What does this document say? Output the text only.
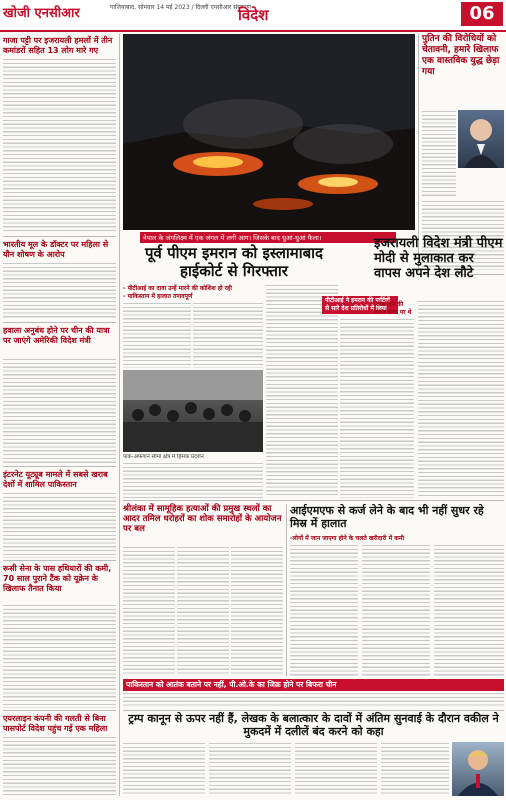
खोजी एनसीआर	गाजियाबाद, सोमवार 14 मई 2023 / दिल्ली एनसीआर संस्करण
विदेश	06
गाजा पट्टी पर इजरायली हमलों में तीन कमांडरों सहित 13 लोग मारे गए
भारतीय मूल के डॉक्टर पर महिला से यौन शोषण के आरोप
हवाला अनुबंध होने पर चीन की यात्रा पर जाएंगे अमेरिकी विदेश मंत्री
इंटरनेट यूट्यूब मामले में सबसे खराब देशों में शामिल पाकिस्तान
रूसी सेना के पास हथियारों की कमी, 70 साल पुराने टैंक को यूक्रेन के खिलाफ तैनात किया
एयरलाइन कंपनी की गलती से बिना पासपोर्ट विदेश पहुंच गई एक महिला
नेपाल के जंगलिक्ष्म में एक जंगल में लगी आग। जिसके बाद धुआं-धुआं फैला।
पुतिन की विरोधियों को चेतावनी, हमारे खिलाफ एक वास्तविक युद्ध छेड़ा गया
पूर्व पीएम इमरान को इस्लामाबाद हाईकोर्ट से गिरफ्तार
- पीटीआई का दावा उन्हें मारने की कोशिश हो रही
- पाकिस्तान में हालात तनावपूर्ण
पाक-अफगान सीमा क्षेत्र में हिंसक प्रदर्शन
पीटीआई ने इमरान की पार्टियों से सारे देश प्रतिरोधों में लिया
इजरायली विदेश मंत्री पीएम मोदी से मुलाकात कर वापस अपने देश लौटे
-तीन दिन की भारत यात्रा पर थे
श्रीलंका में सामूहिक हत्याओं की प्रमुख स्थलों का आदर तमिल धरोहरों का शोक समारोहों के आयोजन पर बल
आईएमएफ से कर्ज लेने के बाद भी नहीं सुधर रहे मिस्र में हालात
-लोगों में जान जाएगा होने के चलते खरीदारी में कमी
पाकिस्तान को आतंक बताने पर नहीं, पी.ओ.के का जिक्र होने पर बिफरा चीन
ट्रम्प कानून से ऊपर नहीं हैं, लेखक के बलात्कार के दावों में अंतिम सुनवाई के दौरान वकील ने मुकदमें में दलीलें बंद करने को कहा
